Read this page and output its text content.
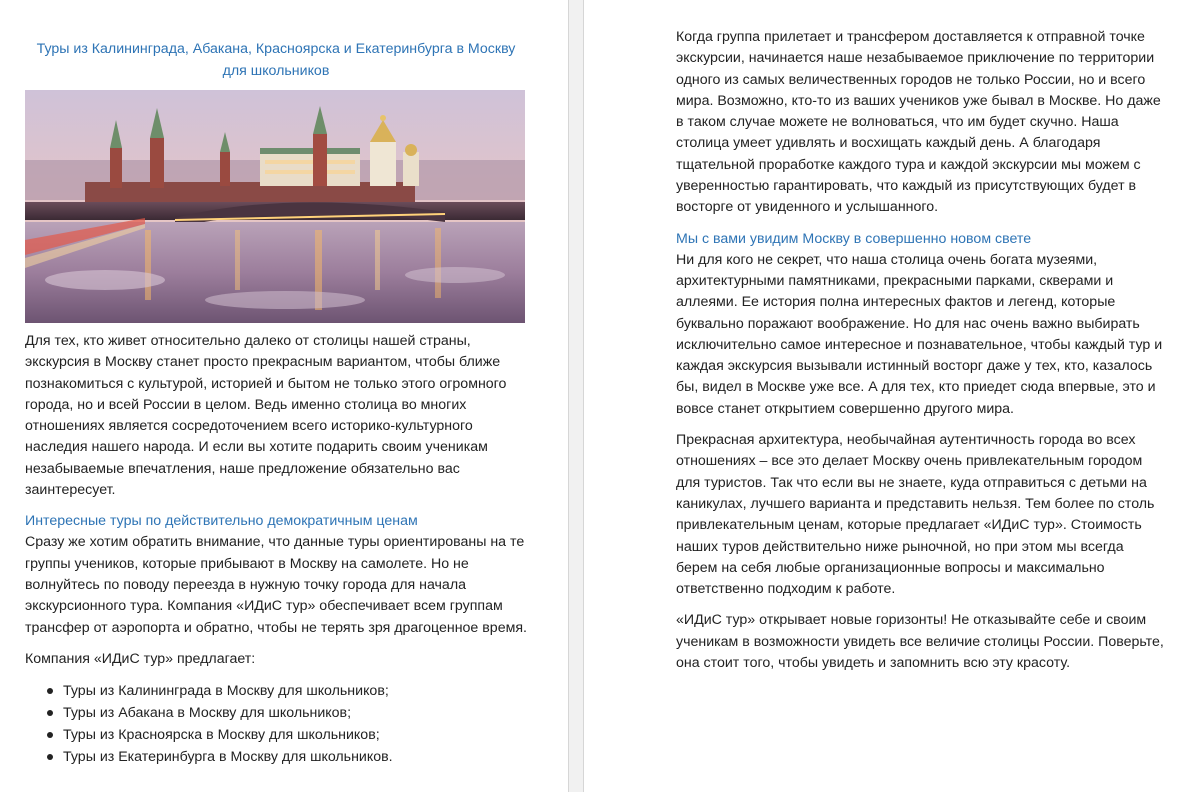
Туры из Калининграда, Абакана, Красноярска и Екатеринбурга в Москву для школьников

Для тех, кто живет относительно далеко от столицы нашей страны, экскурсия в Москву станет просто прекрасным вариантом, чтобы ближе познакомиться с культурой, историей и бытом не только этого огромного города, но и всей России в целом. Ведь именно столица во многих отношениях является сосредоточением всего историко-культурного наследия нашего народа. И если вы хотите подарить своим ученикам незабываемые впечатления, наше предложение обязательно вас заинтересует.

Интересные туры по действительно демократичным ценам

Сразу же хотим обратить внимание, что данные туры ориентированы на те группы учеников, которые прибывают в Москву на самолете. Но не волнуйтесь по поводу переезда в нужную точку города для начала экскурсионного тура. Компания «ИДиС тур» обеспечивает всем группам трансфер от аэропорта и обратно, чтобы не терять зря драгоценное время.

Компания «ИДиС тур» предлагает:

Туры из Калининграда в Москву для школьников;
Туры из Абакана в Москву для школьников;
Туры из Красноярска в Москву для школьников;
Туры из Екатеринбурга в Москву для школьников.

Когда группа прилетает и трансфером доставляется к отправной точке экскурсии, начинается наше незабываемое приключение по территории одного из самых величественных городов не только России, но и всего мира. Возможно, кто-то из ваших учеников уже бывал в Москве. Но даже в таком случае можете не волноваться, что им будет скучно. Наша столица умеет удивлять и восхищать каждый день. А благодаря тщательной проработке каждого тура и каждой экскурсии мы можем с уверенностью гарантировать, что каждый из присутствующих будет в восторге от увиденного и услышанного.

Мы с вами увидим Москву в совершенно новом свете

Ни для кого не секрет, что наша столица очень богата музеями, архитектурными памятниками, прекрасными парками, скверами и аллеями. Ее история полна интересных фактов и легенд, которые буквально поражают воображение. Но для нас очень важно выбирать исключительно самое интересное и познавательное, чтобы каждый тур и каждая экскурсия вызывали истинный восторг даже у тех, кто, казалось бы, видел в Москве уже все. А для тех, кто приедет сюда впервые, это и вовсе станет открытием совершенно другого мира.

Прекрасная архитектура, необычайная аутентичность города во всех отношениях – все это делает Москву очень привлекательным городом для туристов. Так что если вы не знаете, куда отправиться с детьми на каникулах, лучшего варианта и представить нельзя. Тем более по столь привлекательным ценам, которые предлагает «ИДиС тур». Стоимость наших туров действительно ниже рыночной, но при этом мы всегда берем на себя любые организационные вопросы и максимально ответственно подходим к работе.

«ИДиС тур» открывает новые горизонты! Не отказывайте себе и своим ученикам в возможности увидеть все величие столицы России. Поверьте, она стоит того, чтобы увидеть и запомнить всю эту красоту.
